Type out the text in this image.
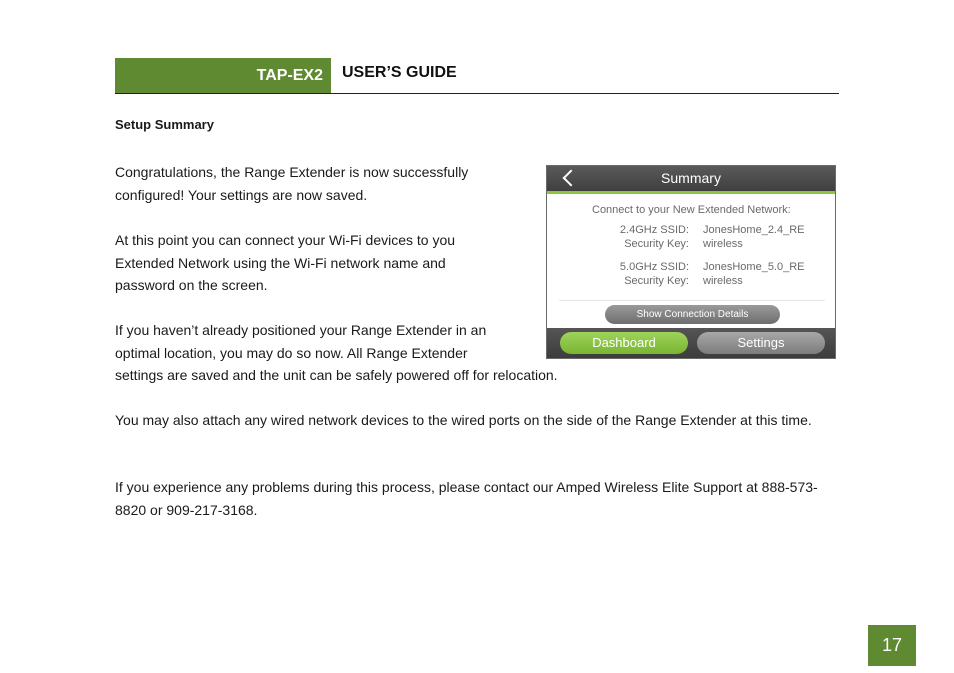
TAP-EX2 USER’S GUIDE
Setup Summary
Congratulations, the Range Extender is now successfully configured! Your settings are now saved.
At this point you can connect your Wi-Fi devices to you Extended Network using the Wi-Fi network name and password on the screen.
If you haven’t already positioned your Range Extender in an optimal location, you may do so now. All Range Extender
settings are saved and the unit can be safely powered off for relocation.
You may also attach any wired network devices to the wired ports on the side of the Range Extender at this time.
If you experience any problems during this process, please contact our Amped Wireless Elite Support at 888-573-8820 or 909-217-3168.
Summary
Connect to your New Extended Network:
2.4GHz SSID: JonesHome_2.4_RE
Security Key: wireless
5.0GHz SSID: JonesHome_5.0_RE
Security Key: wireless
Show Connection Details
Dashboard	Settings
17
